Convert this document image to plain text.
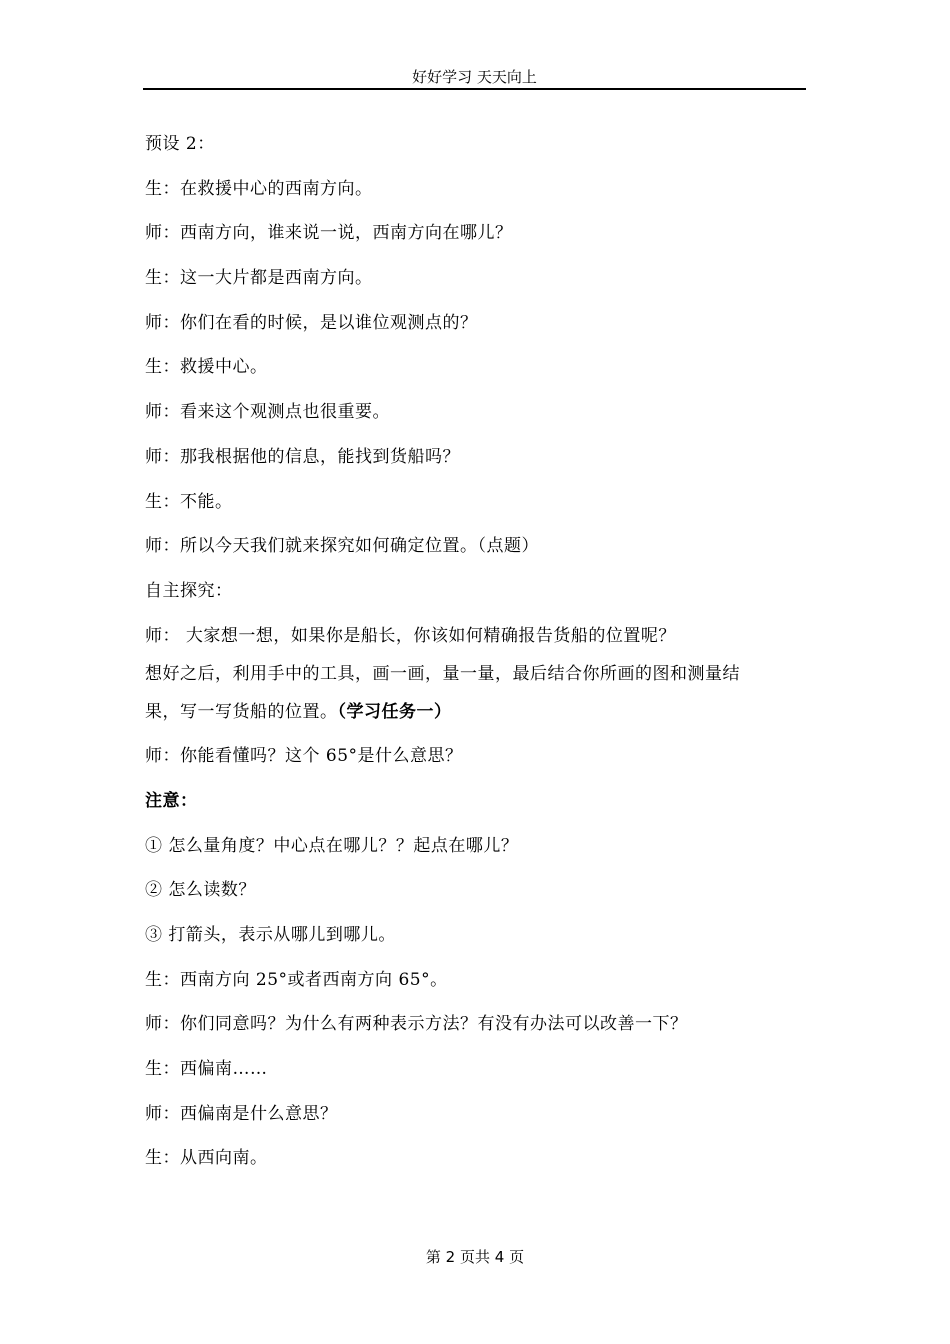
好好学习 天天向上

预设 2：

生：在救援中心的西南方向。

师：西南方向，谁来说一说，西南方向在哪儿？

生：这一大片都是西南方向。

师：你们在看的时候，是以谁位观测点的？

生：救援中心。

师：看来这个观测点也很重要。

师：那我根据他的信息，能找到货船吗？

生：不能。

师：所以今天我们就来探究如何确定位置。（点题）

自主探究：

师： 大家想一想，如果你是船长，你该如何精确报告货船的位置呢？

想好之后，利用手中的工具，画一画，量一量，最后结合你所画的图和测量结

果，写一写货船的位置。（学习任务一）

师：你能看懂吗？这个 65°是什么意思？

注意：

① 怎么量角度？中心点在哪儿？？起点在哪儿？

② 怎么读数？

③ 打箭头，表示从哪儿到哪儿。

生：西南方向 25°或者西南方向 65°。

师：你们同意吗？为什么有两种表示方法？有没有办法可以改善一下？

生：西偏南……

师：西偏南是什么意思？

生：从西向南。

第 2 页共 4 页
